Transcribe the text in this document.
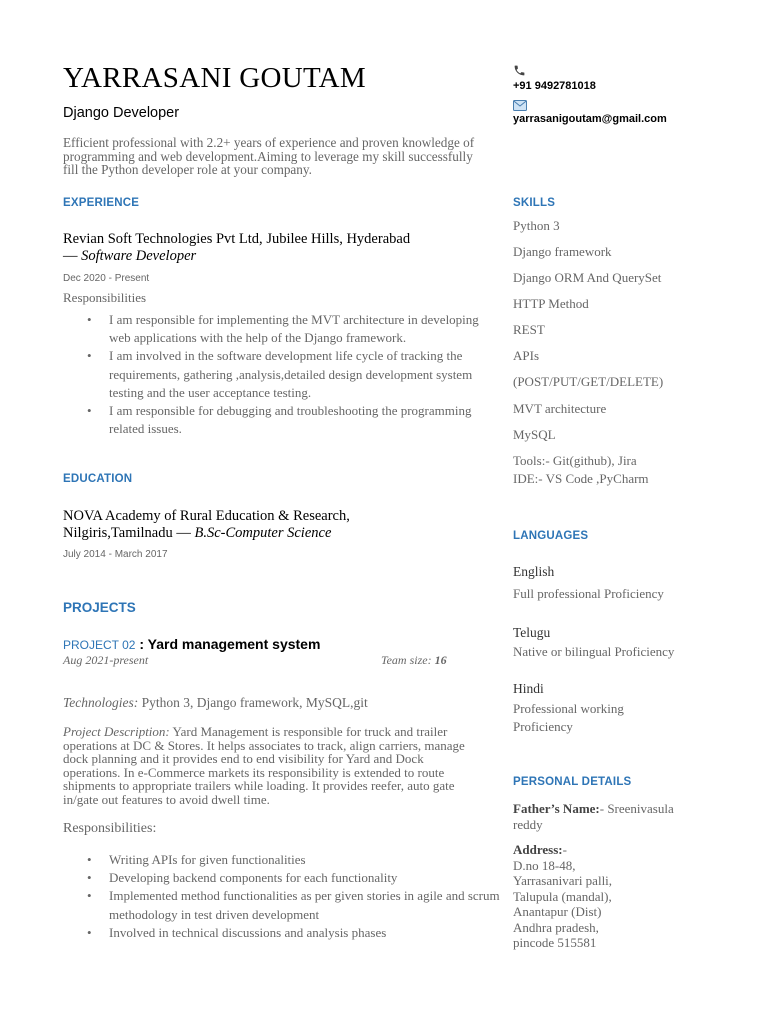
YARRASANI GOUTAM
Django Developer
Efficient professional with 2.2+ years of experience and proven knowledge of programming and web development.Aiming to leverage my skill successfully fill the Python developer role at your company.
EXPERIENCE
Revian Soft Technologies Pvt Ltd, Jubilee Hills, Hyderabad
— Software Developer
Dec 2020 - Present
Responsibilities
• I am responsible for implementing the MVT architecture in developing web applications with the help of the Django framework.
• I am involved in the software development life cycle of tracking the requirements, gathering ,analysis,detailed design development system testing and the user acceptance testing.
• I am responsible for debugging and troubleshooting the programming related issues.
EDUCATION
NOVA Academy of Rural Education & Research,
Nilgiris,Tamilnadu — B.Sc-Computer Science
July 2014 - March 2017
PROJECTS
PROJECT 02 : Yard management system
Aug 2021-present	Team size: 16
Technologies: Python 3, Django framework, MySQL,git
Project Description: Yard Management is responsible for truck and trailer operations at DC & Stores. It helps associates to track, align carriers, manage dock planning and it provides end to end visibility for Yard and Dock operations. In e-Commerce markets its responsibility is extended to route shipments to appropriate trailers while loading. It provides reefer, auto gate in/gate out features to avoid dwell time.
Responsibilities:
• Writing APIs for given functionalities
• Developing backend components for each functionality
• Implemented method functionalities as per given stories in agile and scrum methodology in test driven development
• Involved in technical discussions and analysis phases
+91 9492781018
yarrasanigoutam@gmail.com
SKILLS
Python 3
Django framework
Django ORM And QuerySet
HTTP Method
REST
APIs
(POST/PUT/GET/DELETE)
MVT architecture
MySQL
Tools:- Git(github), Jira
IDE:- VS Code ,PyCharm
LANGUAGES
English
Full professional Proficiency
Telugu
Native or bilingual Proficiency
Hindi
Professional working Proficiency
PERSONAL DETAILS
Father’s Name:- Sreenivasula reddy
Address:-
D.no 18-48,
Yarrasanivari palli,
Talupula (mandal),
Anantapur (Dist)
Andhra pradesh,
pincode 515581
